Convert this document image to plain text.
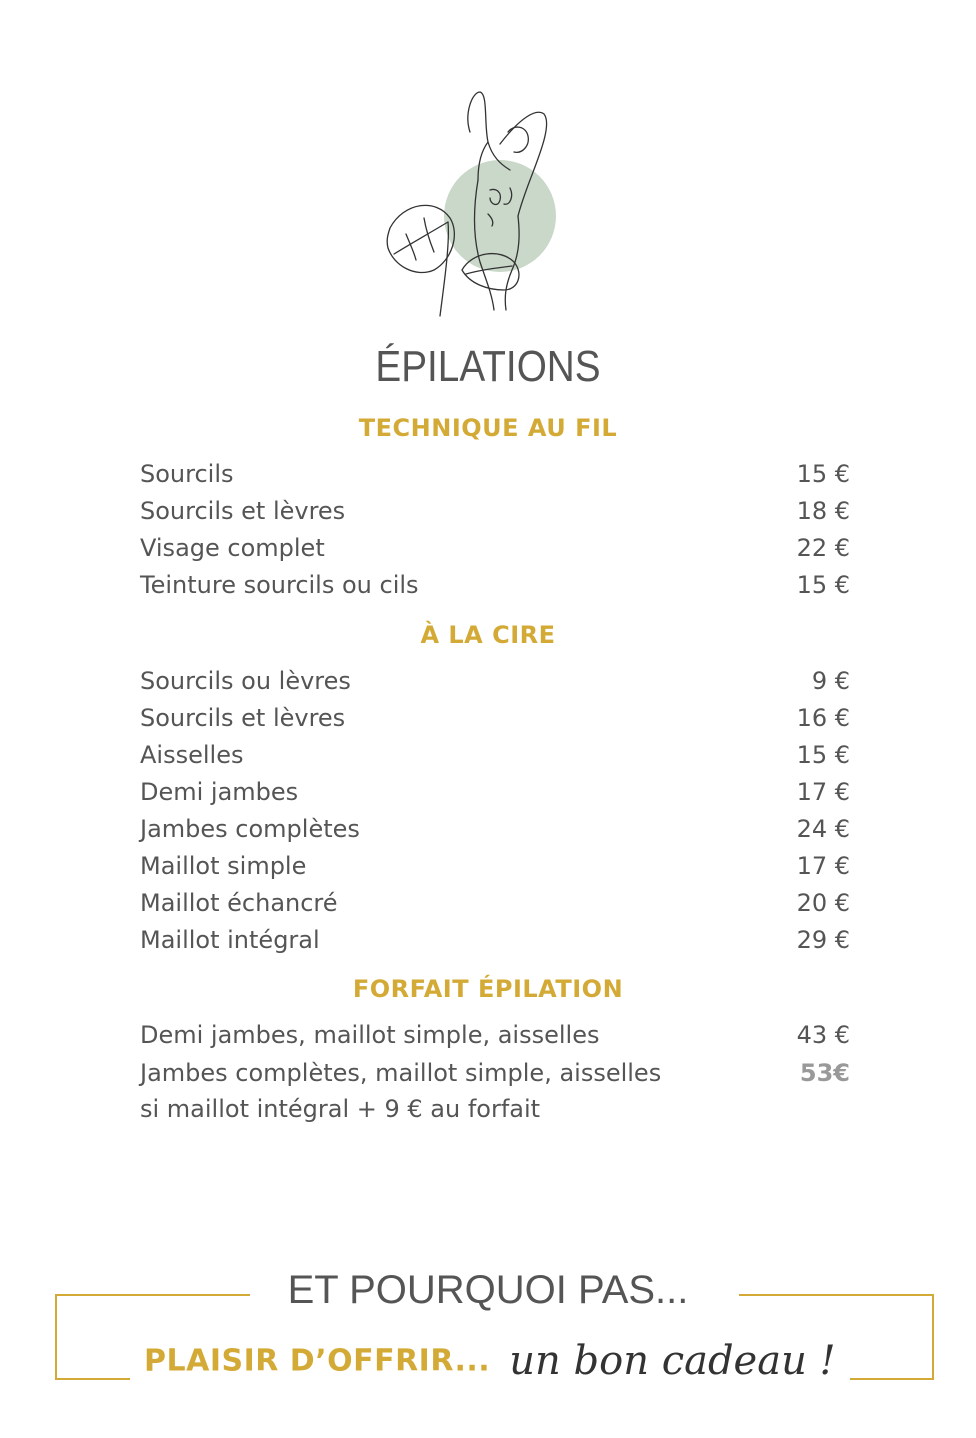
ÉPILATIONS
TECHNIQUE AU FIL
Sourcils	15 €
Sourcils et lèvres	18 €
Visage complet	22 €
Teinture sourcils ou cils	15 €
À LA CIRE
Sourcils ou lèvres	9 €
Sourcils et lèvres	16 €
Aisselles	15 €
Demi jambes	17 €
Jambes complètes	24 €
Maillot simple	17 €
Maillot échancré	20 €
Maillot intégral	29 €
FORFAIT ÉPILATION
Demi jambes, maillot simple, aisselles	43 €
Jambes complètes, maillot simple, aisselles	53€
si maillot intégral + 9 € au forfait
ET POURQUOI PAS...
PLAISIR D’OFFRIR... un bon cadeau !
